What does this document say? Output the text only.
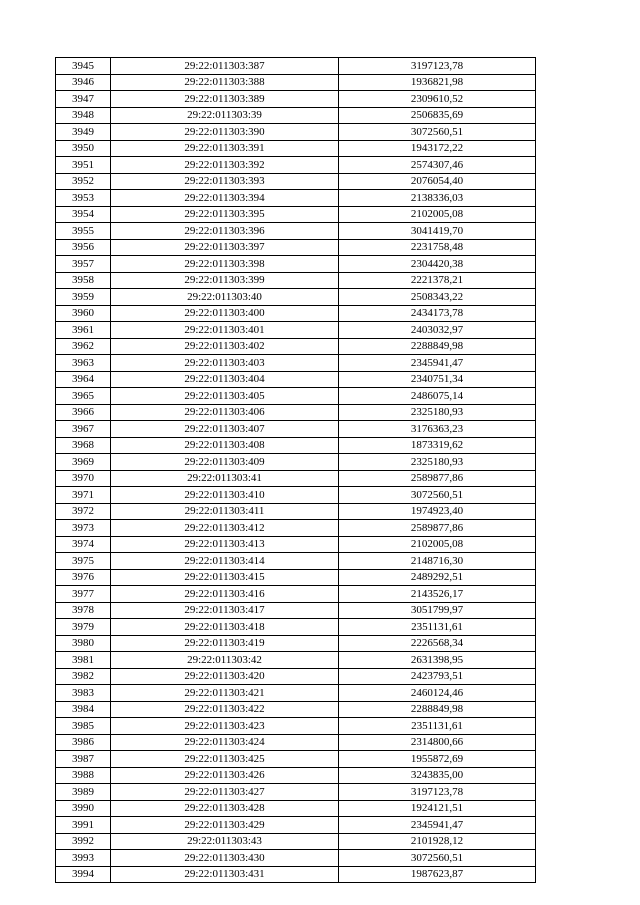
3945	29:22:011303:387	3197123,78
3946	29:22:011303:388	1936821,98
3947	29:22:011303:389	2309610,52
3948	29:22:011303:39	2506835,69
3949	29:22:011303:390	3072560,51
3950	29:22:011303:391	1943172,22
3951	29:22:011303:392	2574307,46
3952	29:22:011303:393	2076054,40
3953	29:22:011303:394	2138336,03
3954	29:22:011303:395	2102005,08
3955	29:22:011303:396	3041419,70
3956	29:22:011303:397	2231758,48
3957	29:22:011303:398	2304420,38
3958	29:22:011303:399	2221378,21
3959	29:22:011303:40	2508343,22
3960	29:22:011303:400	2434173,78
3961	29:22:011303:401	2403032,97
3962	29:22:011303:402	2288849,98
3963	29:22:011303:403	2345941,47
3964	29:22:011303:404	2340751,34
3965	29:22:011303:405	2486075,14
3966	29:22:011303:406	2325180,93
3967	29:22:011303:407	3176363,23
3968	29:22:011303:408	1873319,62
3969	29:22:011303:409	2325180,93
3970	29:22:011303:41	2589877,86
3971	29:22:011303:410	3072560,51
3972	29:22:011303:411	1974923,40
3973	29:22:011303:412	2589877,86
3974	29:22:011303:413	2102005,08
3975	29:22:011303:414	2148716,30
3976	29:22:011303:415	2489292,51
3977	29:22:011303:416	2143526,17
3978	29:22:011303:417	3051799,97
3979	29:22:011303:418	2351131,61
3980	29:22:011303:419	2226568,34
3981	29:22:011303:42	2631398,95
3982	29:22:011303:420	2423793,51
3983	29:22:011303:421	2460124,46
3984	29:22:011303:422	2288849,98
3985	29:22:011303:423	2351131,61
3986	29:22:011303:424	2314800,66
3987	29:22:011303:425	1955872,69
3988	29:22:011303:426	3243835,00
3989	29:22:011303:427	3197123,78
3990	29:22:011303:428	1924121,51
3991	29:22:011303:429	2345941,47
3992	29:22:011303:43	2101928,12
3993	29:22:011303:430	3072560,51
3994	29:22:011303:431	1987623,87
